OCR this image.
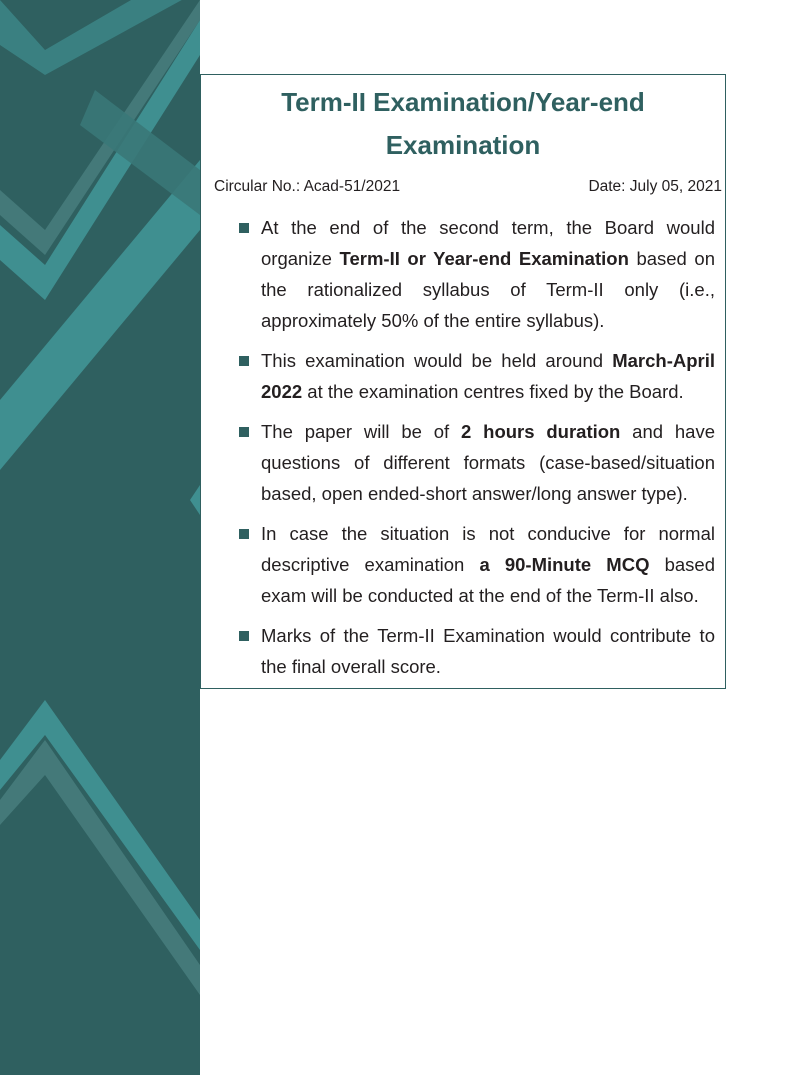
Term-II Examination/Year-end
Examination
Circular No.: Acad-51/2021	Date: July 05, 2021
At the end of the second term, the Board would organize Term-II or Year-end Examination based on the rationalized syllabus of Term-II only (i.e., approximately 50% of the entire syllabus).
This examination would be held around March-April 2022 at the examination centres fixed by the Board.
The paper will be of 2 hours duration and have questions of different formats (case-based/situation based, open ended-short answer/long answer type).
In case the situation is not conducive for normal descriptive examination a 90-Minute MCQ based exam will be conducted at the end of the Term-II also.
Marks of the Term-II Examination would contribute to the final overall score.
